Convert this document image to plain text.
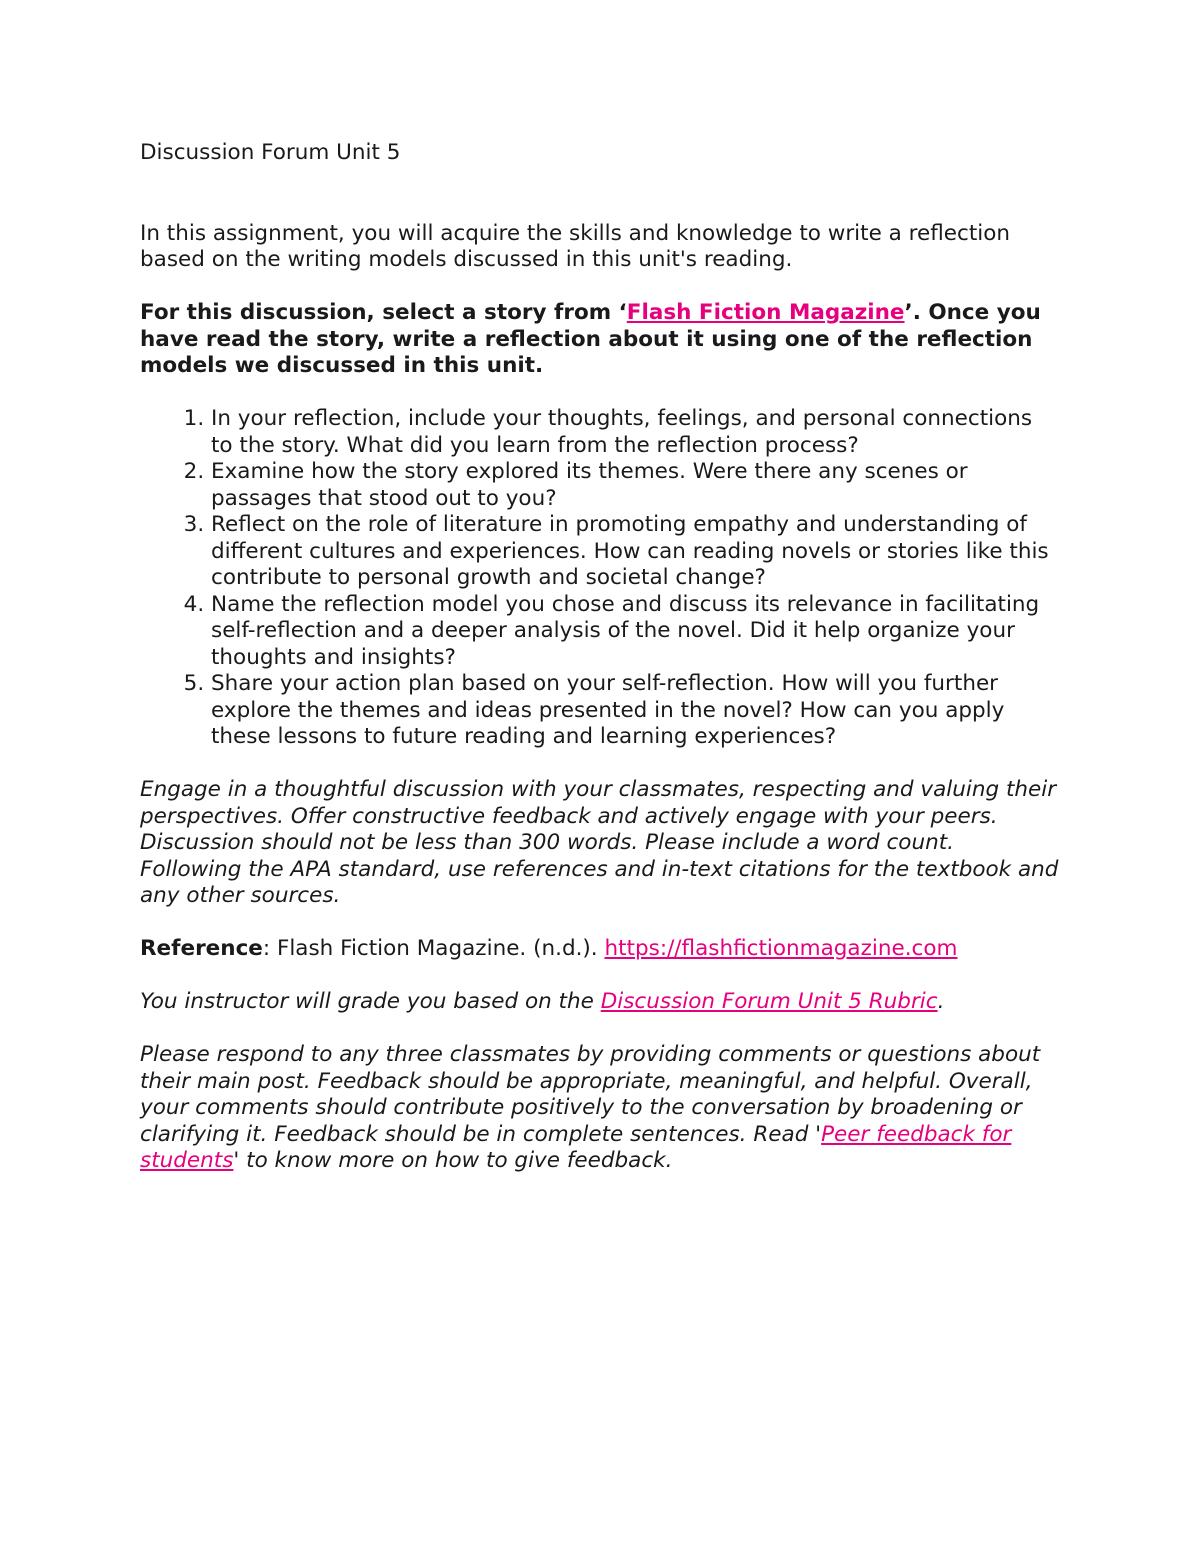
Discussion Forum Unit 5

In this assignment, you will acquire the skills and knowledge to write a reflection based on the writing models discussed in this unit's reading.

For this discussion, select a story from ‘Flash Fiction Magazine’. Once you have read the story, write a reflection about it using one of the reflection models we discussed in this unit.

1. In your reflection, include your thoughts, feelings, and personal connections to the story. What did you learn from the reflection process?
2. Examine how the story explored its themes. Were there any scenes or passages that stood out to you?
3. Reflect on the role of literature in promoting empathy and understanding of different cultures and experiences. How can reading novels or stories like this contribute to personal growth and societal change?
4. Name the reflection model you chose and discuss its relevance in facilitating self-reflection and a deeper analysis of the novel. Did it help organize your thoughts and insights?
5. Share your action plan based on your self-reflection. How will you further explore the themes and ideas presented in the novel? How can you apply these lessons to future reading and learning experiences?

Engage in a thoughtful discussion with your classmates, respecting and valuing their perspectives. Offer constructive feedback and actively engage with your peers. Discussion should not be less than 300 words. Please include a word count. Following the APA standard, use references and in-text citations for the textbook and any other sources.

Reference: Flash Fiction Magazine. (n.d.). https://flashfictionmagazine.com

You instructor will grade you based on the Discussion Forum Unit 5 Rubric.

Please respond to any three classmates by providing comments or questions about their main post. Feedback should be appropriate, meaningful, and helpful. Overall, your comments should contribute positively to the conversation by broadening or clarifying it. Feedback should be in complete sentences. Read 'Peer feedback for students' to know more on how to give feedback.
